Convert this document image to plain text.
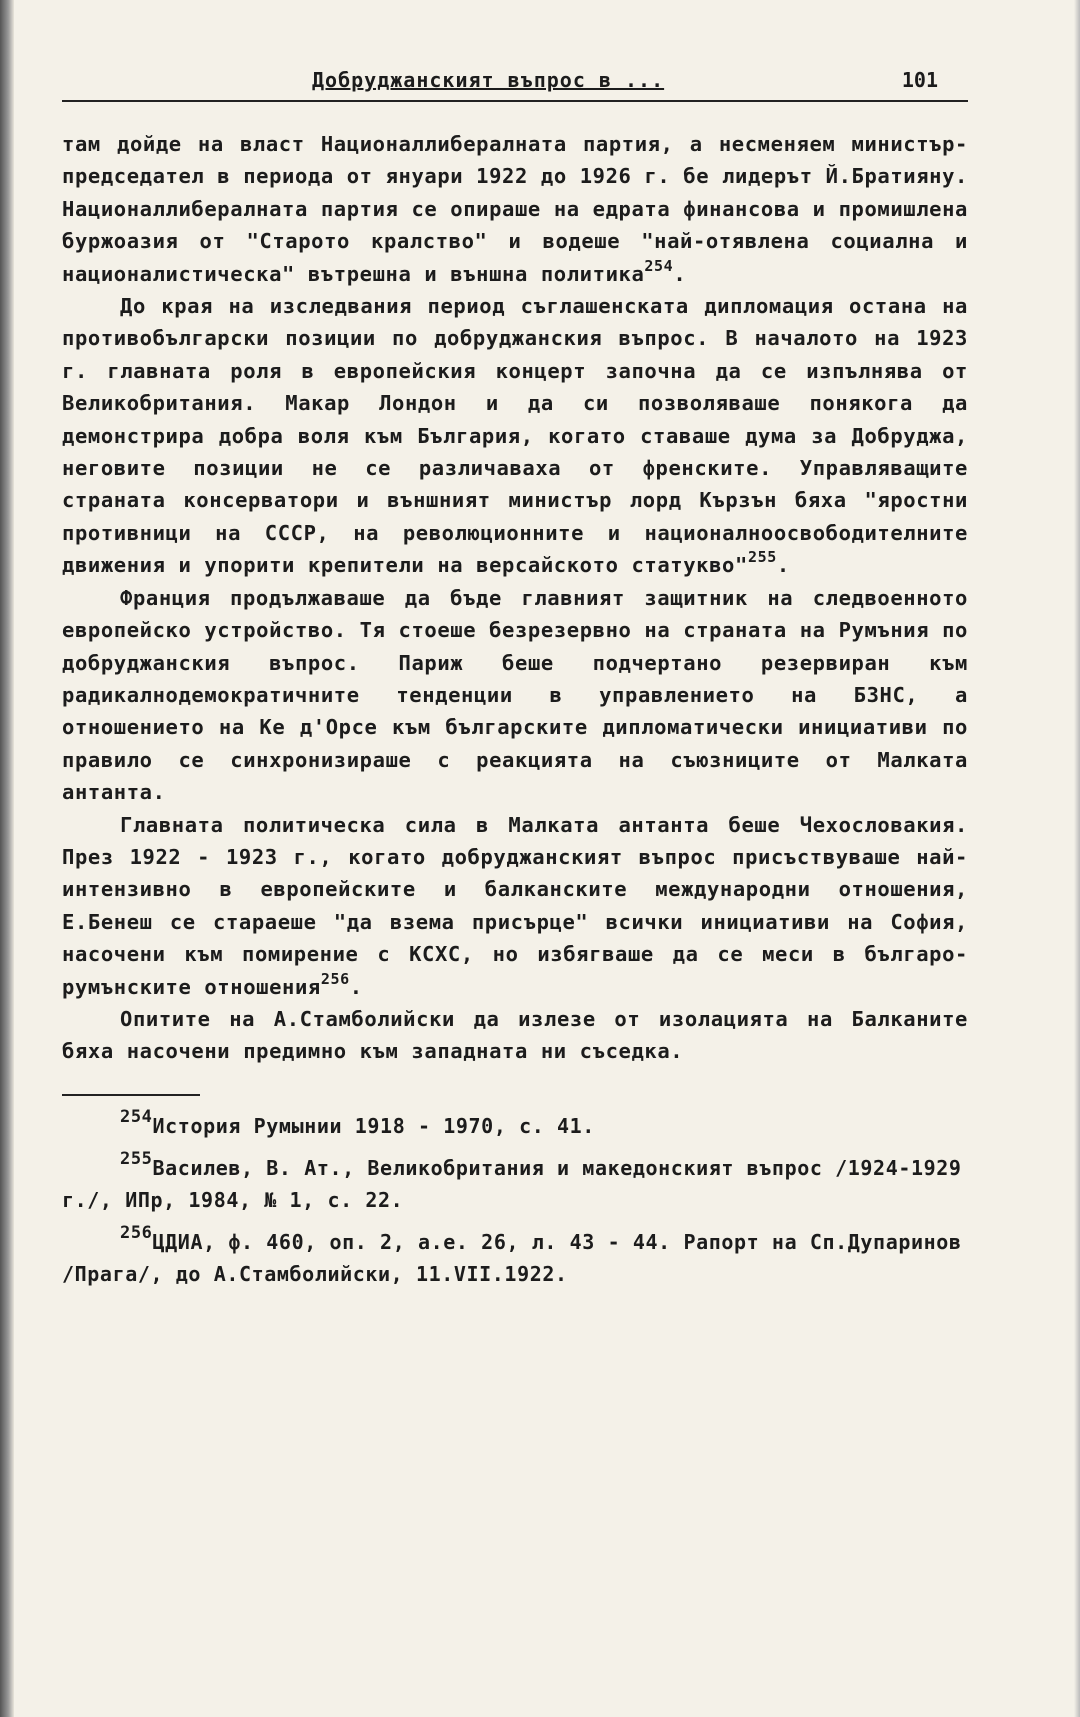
Добруджанският въпрос в ...	101

там дойде на власт Националлибералната партия, а несменяем министър-председател в периода от януари 1922 до 1926 г. бе лидерът Й.Братияну. Националлибералната партия се опираше на едрата финансова и промишлена буржоазия от "Старото кралство" и водеше "най-отявлена социална и националистическа" вътрешна и външна политика$^{254}$.

До края на изследвания период съглашенската дипломация остана на противобългарски позиции по добруджанския въпрос. В началото на 1923 г. главната роля в европейския концерт започна да се изпълнява от Великобритания. Макар Лондон и да си позволяваше понякога да демонстрира добра воля към България, когато ставаше дума за Добруджа, неговите позиции не се различаваха от френските. Управляващите страната консерватори и външният министър лорд Кързън бяха "яростни противници на СССР, на революционните и националноосвободителните движения и упорити крепители на версайското статукво"$^{255}$.

Франция продължаваше да бъде главният защитник на следвоенното европейско устройство. Тя стоеше безрезервно на страната на Румъния по добруджанския въпрос. Париж беше подчертано резервиран към радикалнодемократичните тенденции в управлението на БЗНС, а отношението на Ке д'Орсе към българските дипломатически инициативи по правило се синхронизираше с реакцията на съюзниците от Малката антанта.

Главната политическа сила в Малката антанта беше Чехословакия. През 1922 - 1923 г., когато добруджанският въпрос присъствуваше най-интензивно в европейските и балканските международни отношения, Е.Бенеш се стараеше "да взема присърце" всички инициативи на София, насочени към помирение с КСХС, но избягваше да се меси в българо-румънските отношения$^{256}$.

Опитите на А.Стамболийски да излезе от изолацията на Балканите бяха насочени предимно към западната ни съседка.

$^{254}$История Румынии 1918 - 1970, с. 41.

$^{255}$Василев, В. Ат., Великобритания и македонският въпрос /1924-1929 г./, ИПр, 1984, № 1, с. 22.

$^{256}$ЦДИА, ф. 460, оп. 2, а.е. 26, л. 43 - 44. Рапорт на Сп.Дупаринов /Прага/, до А.Стамболийски, 11.VII.1922.
